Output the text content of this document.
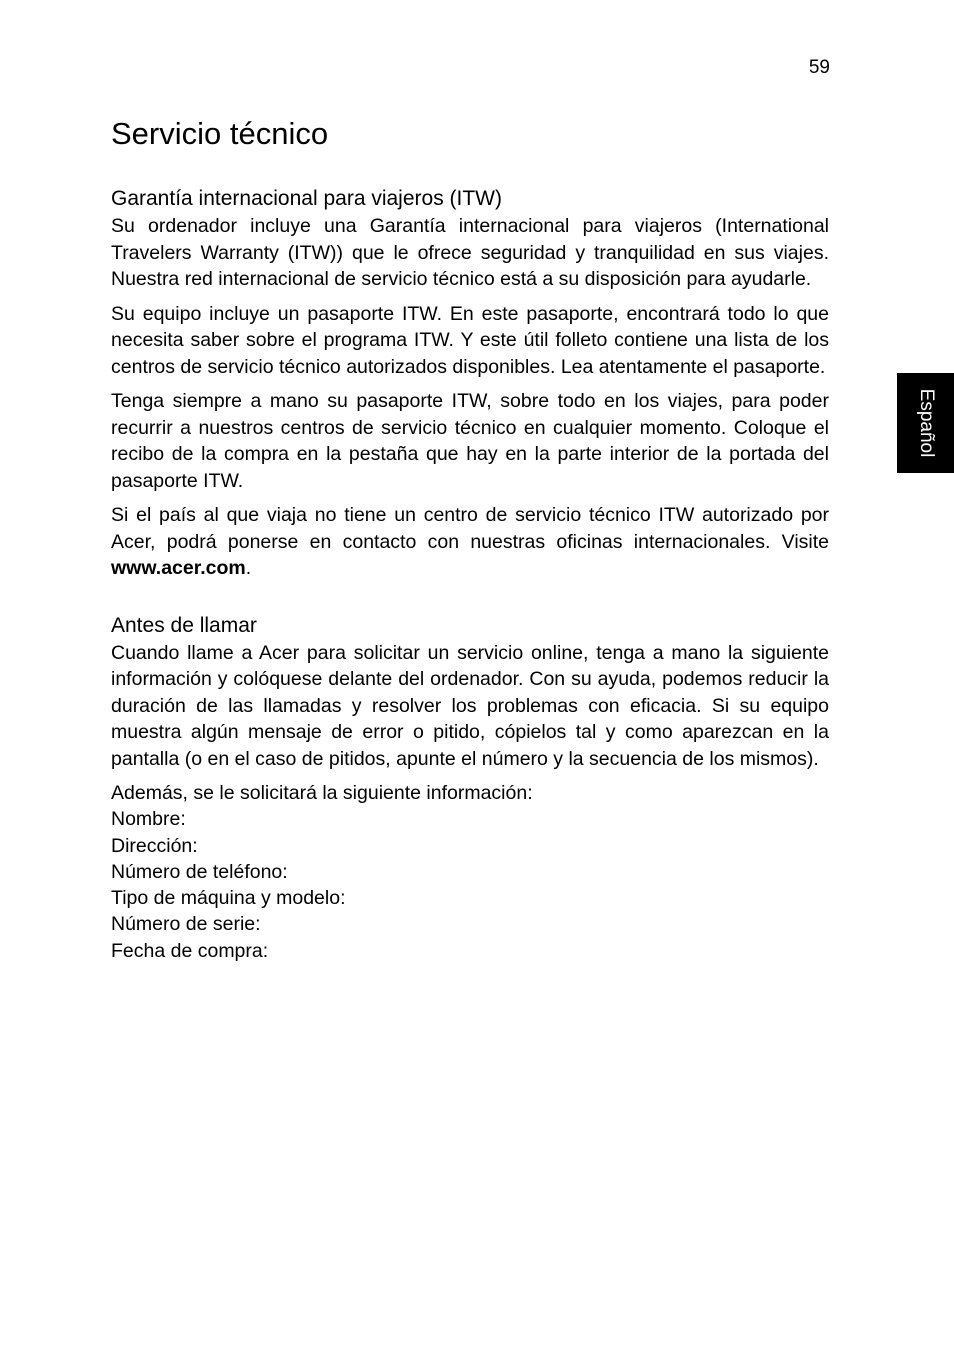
59
Español
Servicio técnico
Garantía internacional para viajeros (ITW)

Su ordenador incluye una Garantía internacional para viajeros (International Travelers Warranty (ITW)) que le ofrece seguridad y tranquilidad en sus viajes. Nuestra red internacional de servicio técnico está a su disposición para ayudarle.

Su equipo incluye un pasaporte ITW. En este pasaporte, encontrará todo lo que necesita saber sobre el programa ITW. Y este útil folleto contiene una lista de los centros de servicio técnico autorizados disponibles. Lea atentamente el pasaporte.

Tenga siempre a mano su pasaporte ITW, sobre todo en los viajes, para poder recurrir a nuestros centros de servicio técnico en cualquier momento. Coloque el recibo de la compra en la pestaña que hay en la parte interior de la portada del pasaporte ITW.

Si el país al que viaja no tiene un centro de servicio técnico ITW autorizado por Acer, podrá ponerse en contacto con nuestras oficinas internacionales. Visite www.acer.com.

Antes de llamar

Cuando llame a Acer para solicitar un servicio online, tenga a mano la siguiente información y colóquese delante del ordenador. Con su ayuda, podemos reducir la duración de las llamadas y resolver los problemas con eficacia. Si su equipo muestra algún mensaje de error o pitido, cópielos tal y como aparezcan en la pantalla (o en el caso de pitidos, apunte el número y la secuencia de los mismos).

Además, se le solicitará la siguiente información:
Nombre:
Dirección:
Número de teléfono:
Tipo de máquina y modelo:
Número de serie:
Fecha de compra:
